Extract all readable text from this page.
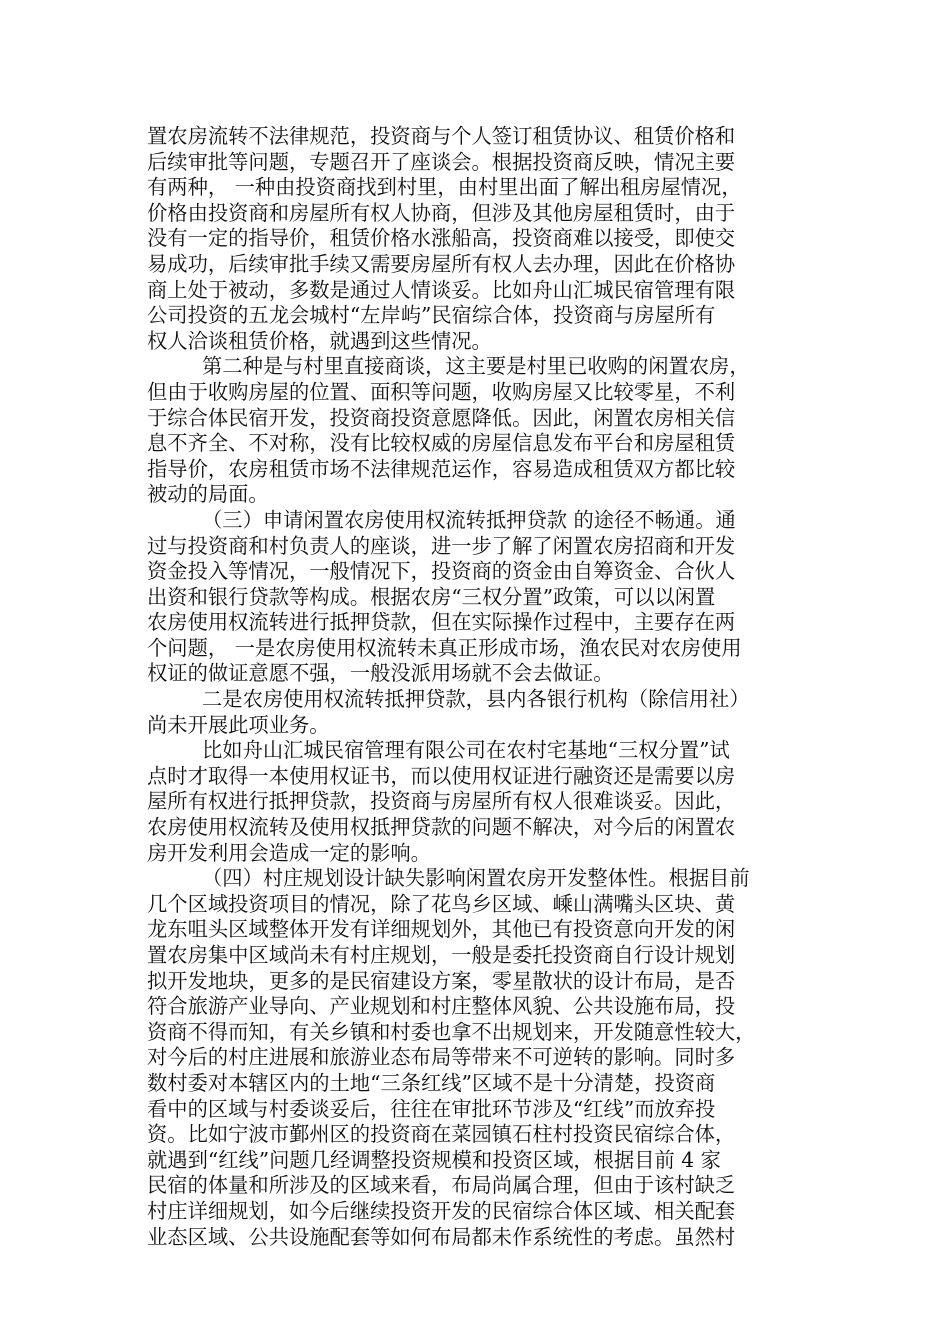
置农房流转不法律规范，投资商与个人签订租赁协议、租赁价格和
后续审批等问题，专题召开了座谈会。根据投资商反映，情况主要
有两种， 一种由投资商找到村里，由村里出面了解出租房屋情况，
价格由投资商和房屋所有权人协商，但涉及其他房屋租赁时，由于
没有一定的指导价，租赁价格水涨船高，投资商难以接受，即使交
易成功，后续审批手续又需要房屋所有权人去办理，因此在价格协
商上处于被动，多数是通过人情谈妥。比如舟山汇城民宿管理有限
公司投资的五龙会城村“左岸屿”民宿综合体，投资商与房屋所有
权人洽谈租赁价格，就遇到这些情况。
第二种是与村里直接商谈，这主要是村里已收购的闲置农房，
但由于收购房屋的位置、面积等问题，收购房屋又比较零星，不利
于综合体民宿开发，投资商投资意愿降低。因此，闲置农房相关信
息不齐全、不对称，没有比较权威的房屋信息发布平台和房屋租赁
指导价，农房租赁市场不法律规范运作，容易造成租赁双方都比较
被动的局面。
（三）申请闲置农房使用权流转抵押贷款 的途径不畅通。通
过与投资商和村负责人的座谈，进一步了解了闲置农房招商和开发
资金投入等情况，一般情况下，投资商的资金由自筹资金、合伙人
出资和银行贷款等构成。根据农房“三权分置”政策，可以以闲置
农房使用权流转进行抵押贷款，但在实际操作过程中，主要存在两
个问题， 一是农房使用权流转未真正形成市场，渔农民对农房使用
权证的做证意愿不强，一般没派用场就不会去做证。
二是农房使用权流转抵押贷款，县内各银行机构（除信用社）
尚未开展此项业务。
比如舟山汇城民宿管理有限公司在农村宅基地“三权分置”试
点时才取得一本使用权证书，而以使用权证进行融资还是需要以房
屋所有权进行抵押贷款，投资商与房屋所有权人很难谈妥。因此，
农房使用权流转及使用权抵押贷款的问题不解决，对今后的闲置农
房开发利用会造成一定的影响。
（四）村庄规划设计缺失影响闲置农房开发整体性。根据目前
几个区域投资项目的情况，除了花鸟乡区域、嵊山满嘴头区块、黄
龙东咀头区域整体开发有详细规划外，其他已有投资意向开发的闲
置农房集中区域尚未有村庄规划，一般是委托投资商自行设计规划
拟开发地块，更多的是民宿建设方案，零星散状的设计布局，是否
符合旅游产业导向、产业规划和村庄整体风貌、公共设施布局，投
资商不得而知，有关乡镇和村委也拿不出规划来，开发随意性较大，
对今后的村庄进展和旅游业态布局等带来不可逆转的影响。同时多
数村委对本辖区内的土地“三条红线”区域不是十分清楚，投资商
看中的区域与村委谈妥后，往往在审批环节涉及“红线”而放弃投
资。比如宁波市鄞州区的投资商在菜园镇石柱村投资民宿综合体，
就遇到“红线”问题几经调整投资规模和投资区域，根据目前 4 家
民宿的体量和所涉及的区域来看，布局尚属合理，但由于该村缺乏
村庄详细规划，如今后继续投资开发的民宿综合体区域、相关配套
业态区域、公共设施配套等如何布局都未作系统性的考虑。虽然村
